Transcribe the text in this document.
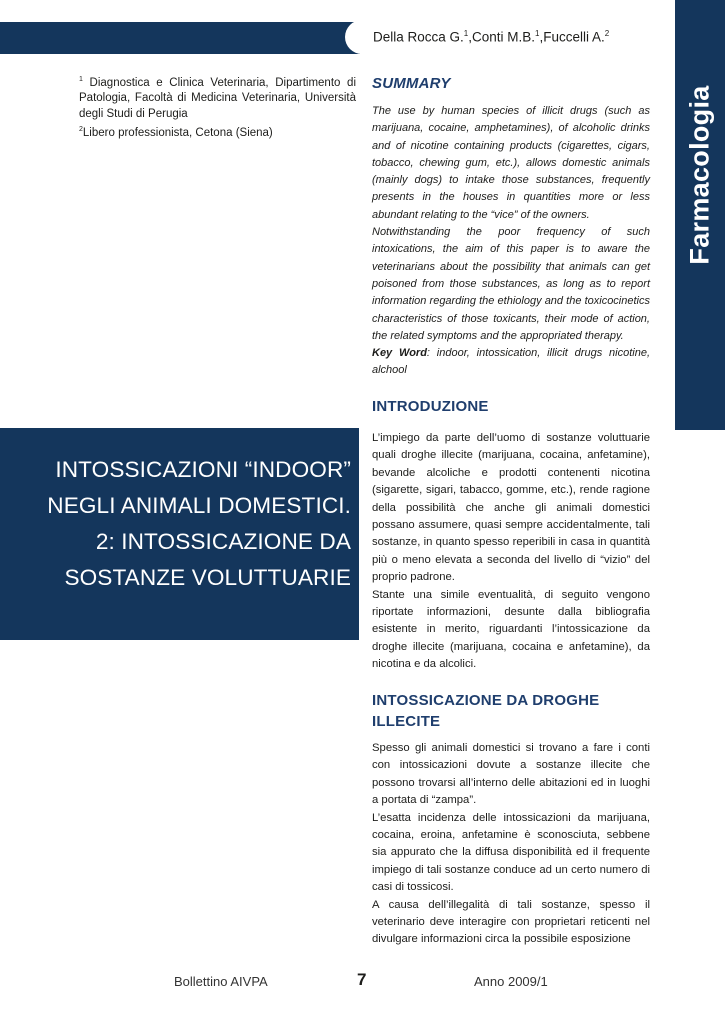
Della Rocca G.$^1$, Conti M.B.$^1$, Fuccelli A.$^2$
Farmacologia

$^1$ Diagnostica e Clinica Veterinaria, Dipartimento di Patologia, Facoltà di Medicina Veterinaria, Università degli Studi di Perugia

$^2$Libero professionista, Cetona (Siena)

SUMMARY

The use by human species of illicit drugs (such as marijuana, cocaine, amphetamines), of alcoholic drinks and of nicotine containing products (cigarettes, cigars, tobacco, chewing gum, etc.), allows domestic animals (mainly dogs) to intake those substances, frequently presents in the houses in quantities more or less abundant relating to the “vice” of the owners.

Notwithstanding the poor frequency of such intoxications, the aim of this paper is to aware the veterinarians about the possibility that animals can get poisoned from those substances, as long as to report information regarding the ethiology and the toxicocinetics characteristics of those toxicants, their mode of action, the related symptoms and the appropriated therapy.

Key Word: indoor, intossication, illicit drugs nicotine, alchool

INTRODUZIONE

L’impiego da parte dell’uomo di sostanze voluttuarie quali droghe illecite (marijuana, cocaina, anfetamine), bevande alcoliche e prodotti contenenti nicotina (sigarette, sigari, tabacco, gomme, etc.), rende ragione della possibilità che anche gli animali domestici possano assumere, quasi sempre accidentalmente, tali sostanze, in quanto spesso reperibili in casa in quantità più o meno elevata a seconda del livello di “vizio” del proprio padrone.

Stante una simile eventualità, di seguito vengono riportate informazioni, desunte dalla bibliografia esistente in merito, riguardanti l’intossicazione da droghe illecite (marijuana, cocaina e anfetamine), da nicotina e da alcolici.

INTOSSICAZIONI “INDOOR”
NEGLI ANIMALI DOMESTICI.
2: INTOSSICAZIONE DA
SOSTANZE VOLUTTUARIE
INTOSSICAZIONE DA DROGHE
ILLECITE

Spesso gli animali domestici si trovano a fare i conti con intossicazioni dovute a sostanze illecite che possono trovarsi all’interno delle abitazioni ed in luoghi a portata di “zampa”.

L’esatta incidenza delle intossicazioni da marijuana, cocaina, eroina, anfetamine è sconosciuta, sebbene sia appurato che la diffusa disponibilità ed il frequente impiego di tali sostanze conduce ad un certo numero di casi di tossicosi.

A causa dell’illegalità di tali sostanze, spesso il veterinario deve interagire con proprietari reticenti nel divulgare informazioni circa la possibile esposizione

Bollettino AIVPA	7	Anno 2009/1
